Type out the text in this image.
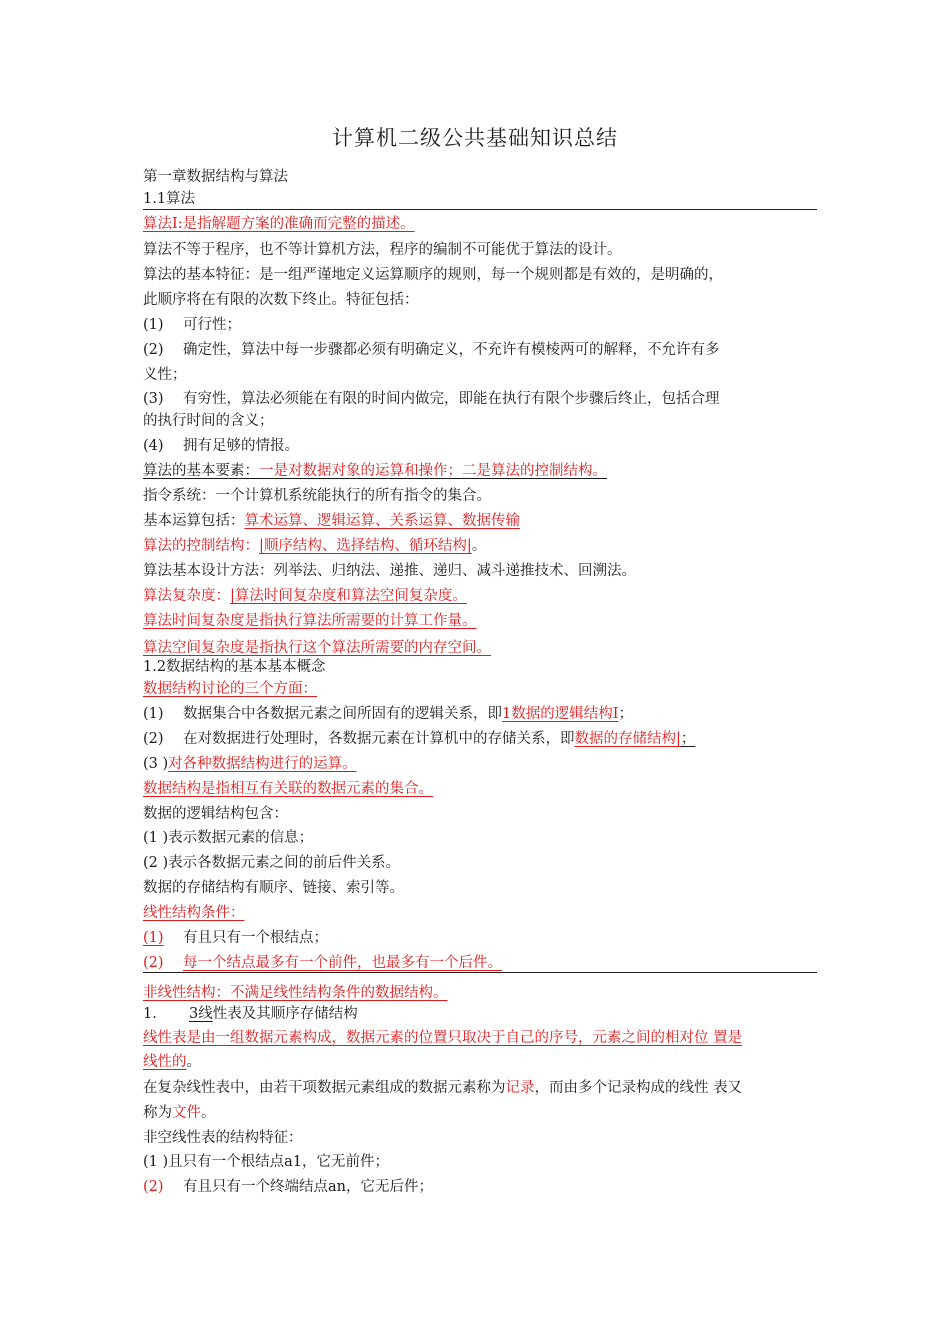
计算机二级公共基础知识总结
第一章数据结构与算法
1.1算法
算法I:是指解题方案的准确而完整的描述。
算法不等于程序，也不等计算机方法，程序的编制不可能优于算法的设计。
算法的基本特征：是一组严谨地定义运算顺序的规则，每一个规则都是有效的，是明确的，
此顺序将在有限的次数下终止。特征包括：
(1) 可行性；
(2) 确定性，算法中每一步骤都必须有明确定义，不充许有模棱两可的解释，不允许有多
义性；
(3) 有穷性，算法必须能在有限的时间内做完，即能在执行有限个步骤后终止，包括合理
的执行时间的含义；
(4) 拥有足够的情报。
算法的基本要素：一是对数据对象的运算和操作；二是算法的控制结构。
指令系统：一个计算机系统能执行的所有指令的集合。
基本运算包括：算术运算、逻辑运算、关系运算、数据传输
算法的控制结构：|顺序结构、选择结构、循环结构|。
算法基本设计方法：列举法、归纳法、递推、递归、减斗递推技术、回溯法。
算法复杂度：|算法时间复杂度和算法空间复杂度。
算法时间复杂度是指执行算法所需要的计算工作量。
算法空间复杂度是指执行这个算法所需要的内存空间。
1.2数据结构的基本基本概念
数据结构讨论的三个方面：
(1) 数据集合中各数据元素之间所固有的逻辑关系，即1数据的逻辑结构I；
(2) 在对数据进行处理时，各数据元素在计算机中的存储关系，即数据的存储结构|；
(3 )对各种数据结构进行的运算。
数据结构是指相互有关联的数据元素的集合。
数据的逻辑结构包含：
(1 )表示数据元素的信息；
(2 )表示各数据元素之间的前后件关系。
数据的存储结构有顺序、链接、索引等。
线性结构条件：
(1) 有且只有一个根结点；
(2) 每一个结点最多有一个前件，也最多有一个后件。
非线性结构：不满足线性结构条件的数据结构。
1. 3线性表及其顺序存储结构
线性表是由一组数据元素构成，数据元素的位置只取决于自己的序号，元素之间的相对位 置是
线性的。
在复杂线性表中，由若干项数据元素组成的数据元素称为记录，而由多个记录构成的线性 表又
称为文件。
非空线性表的结构特征：
(1 )且只有一个根结点a1，它无前件；
(2) 有且只有一个终端结点an，它无后件；
